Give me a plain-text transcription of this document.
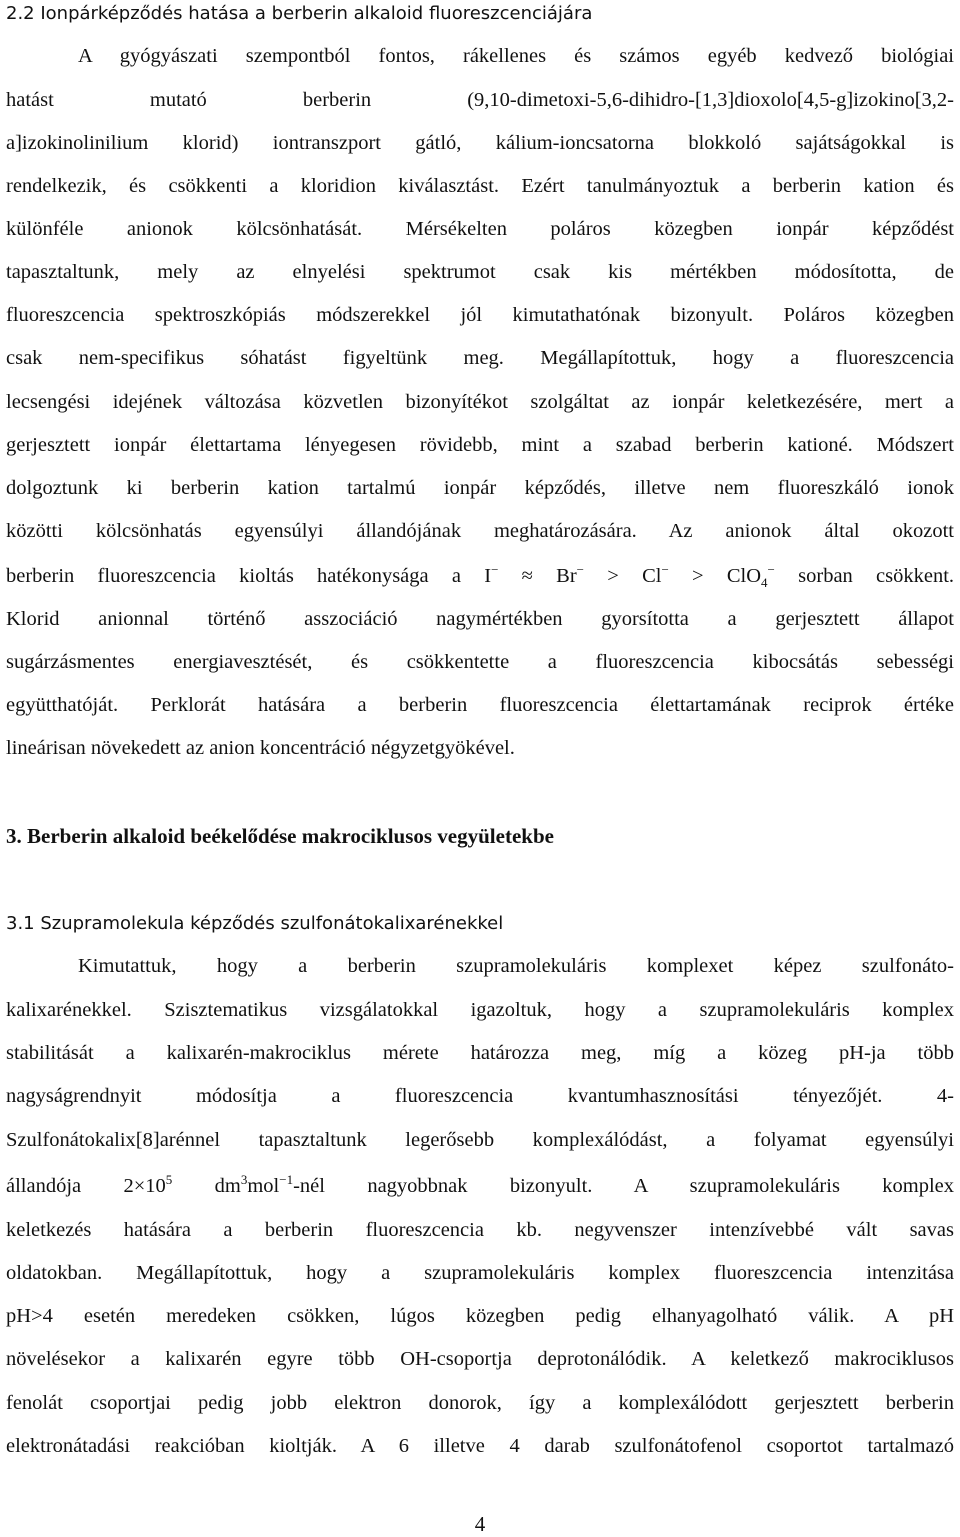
2.2 Ionpárképződés hatása a berberin alkaloid fluoreszcenciájára
A gyógyászati szempontból fontos, rákellenes és számos egyéb kedvező biológiai
hatást mutató berberin (9,10-dimetoxi-5,6-dihidro-[1,3]dioxolo[4,5-g]izokino[3,2-
a]izokinolinilium klorid) iontranszport gátló, kálium-ioncsatorna blokkoló sajátságokkal is
rendelkezik, és csökkenti a kloridion kiválasztást. Ezért tanulmányoztuk a berberin kation és
különféle anionok kölcsönhatását. Mérsékelten poláros közegben ionpár képződést
tapasztaltunk, mely az elnyelési spektrumot csak kis mértékben módosította, de
fluoreszcencia spektroszkópiás módszerekkel jól kimutathatónak bizonyult. Poláros közegben
csak nem-specifikus sóhatást figyeltünk meg. Megállapítottuk, hogy a fluoreszcencia
lecsengési idejének változása közvetlen bizonyítékot szolgáltat az ionpár keletkezésére, mert a
gerjesztett ionpár élettartama lényegesen rövidebb, mint a szabad berberin kationé. Módszert
dolgoztunk ki berberin kation tartalmú ionpár képződés, illetve nem fluoreszkáló ionok
közötti kölcsönhatás egyensúlyi állandójának meghatározására. Az anionok által okozott
berberin fluoreszcencia kioltás hatékonysága a I− ≈ Br− > Cl− > ClO$_4$− sorban csökkent.
Klorid anionnal történő asszociáció nagymértékben gyorsította a gerjesztett állapot
sugárzásmentes energiavesztését, és csökkentette a fluoreszcencia kibocsátás sebességi
együtthatóját. Perklorát hatására a berberin fluoreszcencia élettartamának reciprok értéke
lineárisan növekedett az anion koncentráció négyzetgyökével.
3. Berberin alkaloid beékelődése makrociklusos vegyületekbe
3.1 Szupramolekula képződés szulfonátokalixarénekkel
Kimutattuk, hogy a berberin szupramolekuláris komplexet képez szulfonáto-
kalixarénekkel. Szisztematikus vizsgálatokkal igazoltuk, hogy a szupramolekuláris komplex
stabilitását a kalixarén-makrociklus mérete határozza meg, míg a közeg pH-ja több
nagyságrendnyit módosítja a fluoreszcencia kvantumhasznosítási tényezőjét. 4-
Szulfonátokalix[8]arénnel tapasztaltunk legerősebb komplexálódást, a folyamat egyensúlyi
állandója $2\times 10^5$ $dm^3mol^{-1}$-nél nagyobbnak bizonyult. A szupramolekuláris komplex
keletkezés hatására a berberin fluoreszcencia kb. negyvenszer intenzívebbé vált savas
oldatokban. Megállapítottuk, hogy a szupramolekuláris komplex fluoreszcencia intenzitása
pH>4 esetén meredeken csökken, lúgos közegben pedig elhanyagolható válik. A pH
növelésekor a kalixarén egyre több OH-csoportja deprotonálódik. A keletkező makrociklusos
fenolát csoportjai pedig jobb elektron donorok, így a komplexálódott gerjesztett berberin
elektronátadási reakcióban kioltják. A 6 illetve 4 darab szulfonátofenol csoportot tartalmazó
4
